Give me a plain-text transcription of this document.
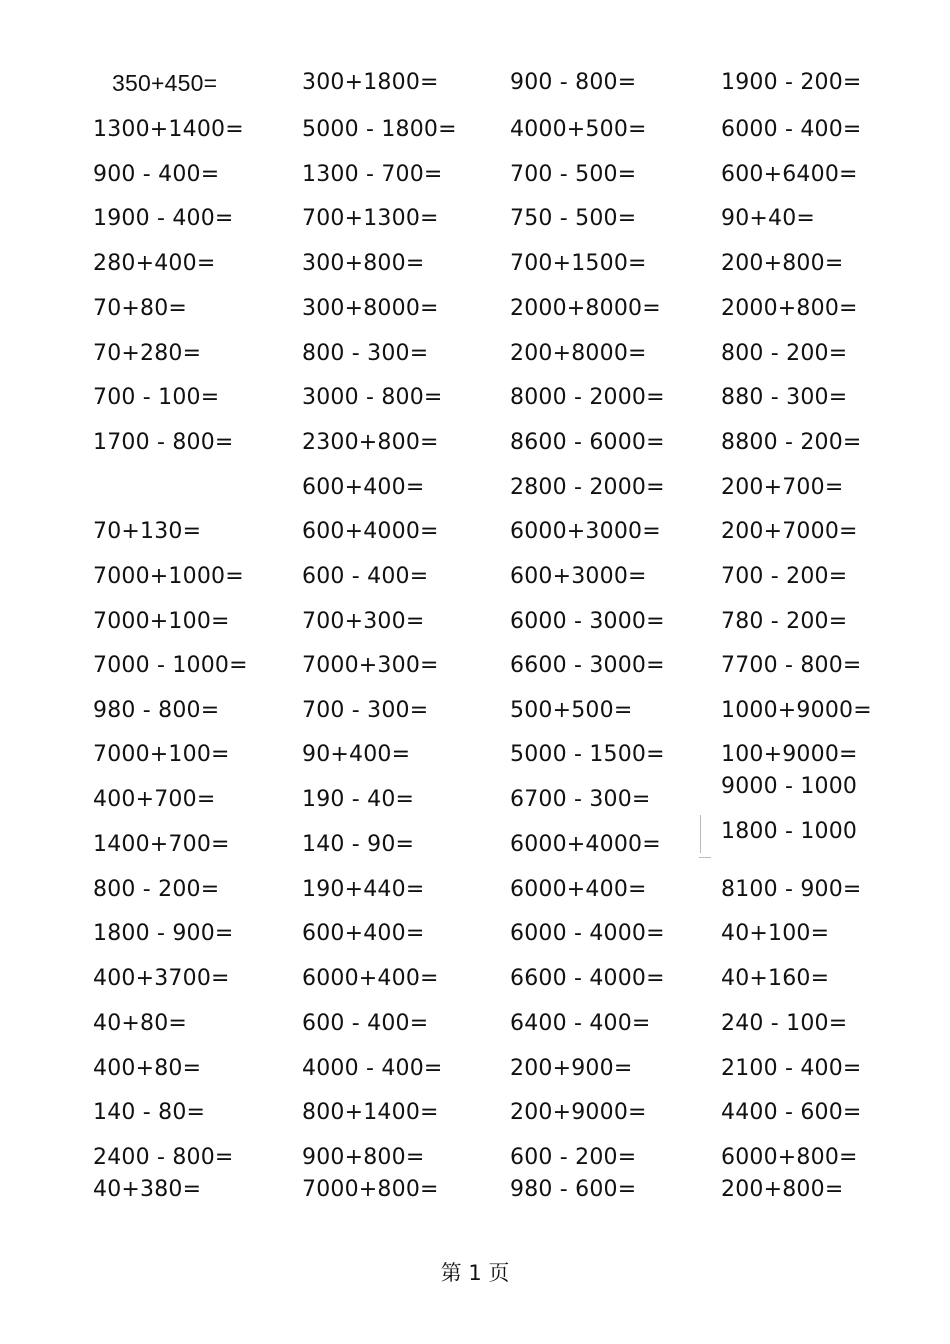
350+450=
1300+1400=
900 - 400=
1900 - 400=
280+400=
70+80=
70+280=
700 - 100=
1700 - 800=
70+130=
7000+1000=
7000+100=
7000 - 1000=
980 - 800=
7000+100=
400+700=
1400+700=
800 - 200=
1800 - 900=
400+3700=
40+80=
400+80=
140 - 80=
2400 - 800=
40+380=
300+1800=
5000 - 1800=
1300 - 700=
700+1300=
300+800=
300+8000=
800 - 300=
3000 - 800=
2300+800=
600+400=
600+4000=
600 - 400=
700+300=
7000+300=
700 - 300=
90+400=
190 - 40=
140 - 90=
190+440=
600+400=
6000+400=
600 - 400=
4000 - 400=
800+1400=
900+800=
7000+800=
900 - 800=
4000+500=
700 - 500=
750 - 500=
700+1500=
2000+8000=
200+8000=
8000 - 2000=
8600 - 6000=
2800 - 2000=
6000+3000=
600+3000=
6000 - 3000=
6600 - 3000=
500+500=
5000 - 1500=
6700 - 300=
6000+4000=
6000+400=
6000 - 4000=
6600 - 4000=
6400 - 400=
200+900=
200+9000=
600 - 200=
980 - 600=
1900 - 200=
6000 - 400=
600+6400=
90+40=
200+800=
2000+800=
800 - 200=
880 - 300=
8800 - 200=
200+700=
200+7000=
700 - 200=
780 - 200=
7700 - 800=
1000+9000=
100+9000=
9000 - 1000
1800 - 1000
8100 - 900=
40+100=
40+160=
240 - 100=
2100 - 400=
4400 - 600=
6000+800=
200+800=
第 1 页
